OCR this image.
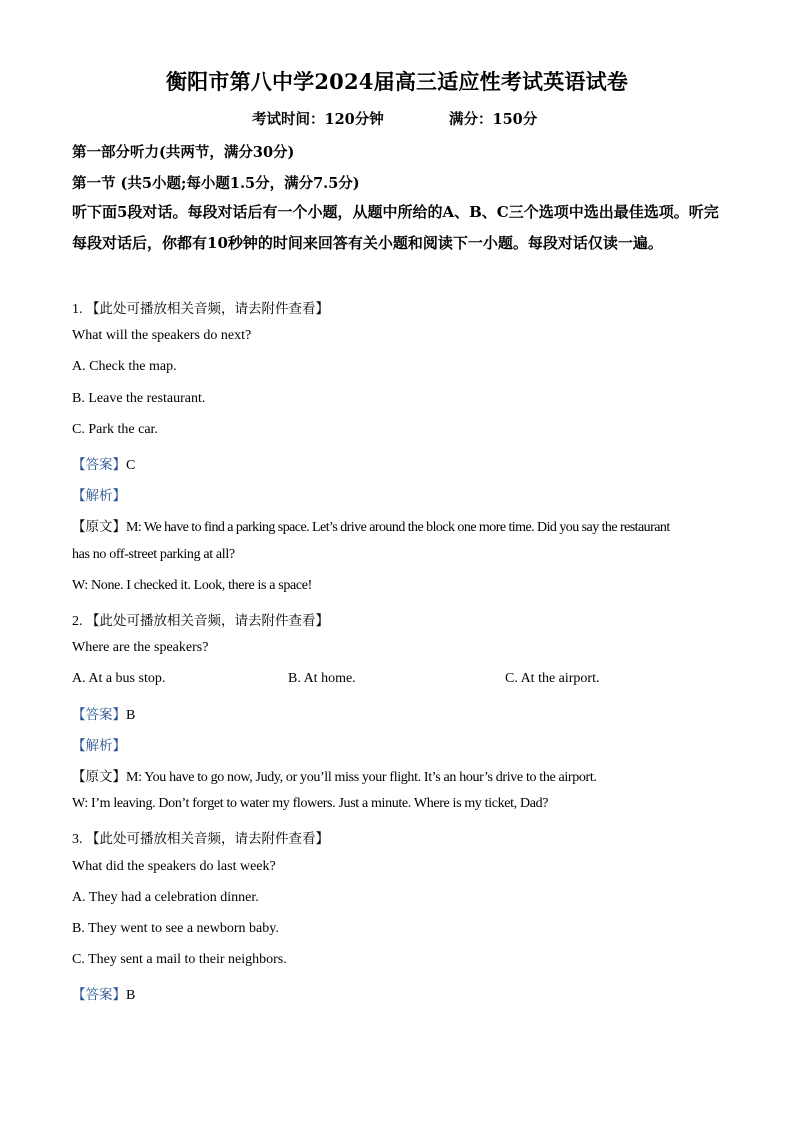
衡阳市第八中学2024届高三适应性考试英语试卷
考试时间：120分钟	满分：150分
第一部分听力(共两节，满分30分)
第一节 (共5小题;每小题1.5分，满分7.5分)
听下面5段对话。每段对话后有一个小题，从题中所给的A、B、C三个选项中选出最佳选项。听完每段对话后，你都有10秒钟的时间来回答有关小题和阅读下一小题。每段对话仅读一遍。
1. 【此处可播放相关音频，请去附件查看】
What will the speakers do next?
A. Check the map.
B. Leave the restaurant.
C. Park the car.
【答案】C
【解析】
【原文】M: We have to find a parking space. Let’s drive around the block one more time. Did you say the restaurant
has no off-street parking at all?
W: None. I checked it. Look, there is a space!
2. 【此处可播放相关音频，请去附件查看】
Where are the speakers?
A. At a bus stop.	B. At home.	C. At the airport.
【答案】B
【解析】
【原文】M: You have to go now, Judy, or you’ll miss your flight. It’s an hour’s drive to the airport.
W: I’m leaving. Don’t forget to water my flowers. Just a minute. Where is my ticket, Dad?
3. 【此处可播放相关音频，请去附件查看】
What did the speakers do last week?
A. They had a celebration dinner.
B. They went to see a newborn baby.
C. They sent a mail to their neighbors.
【答案】B
